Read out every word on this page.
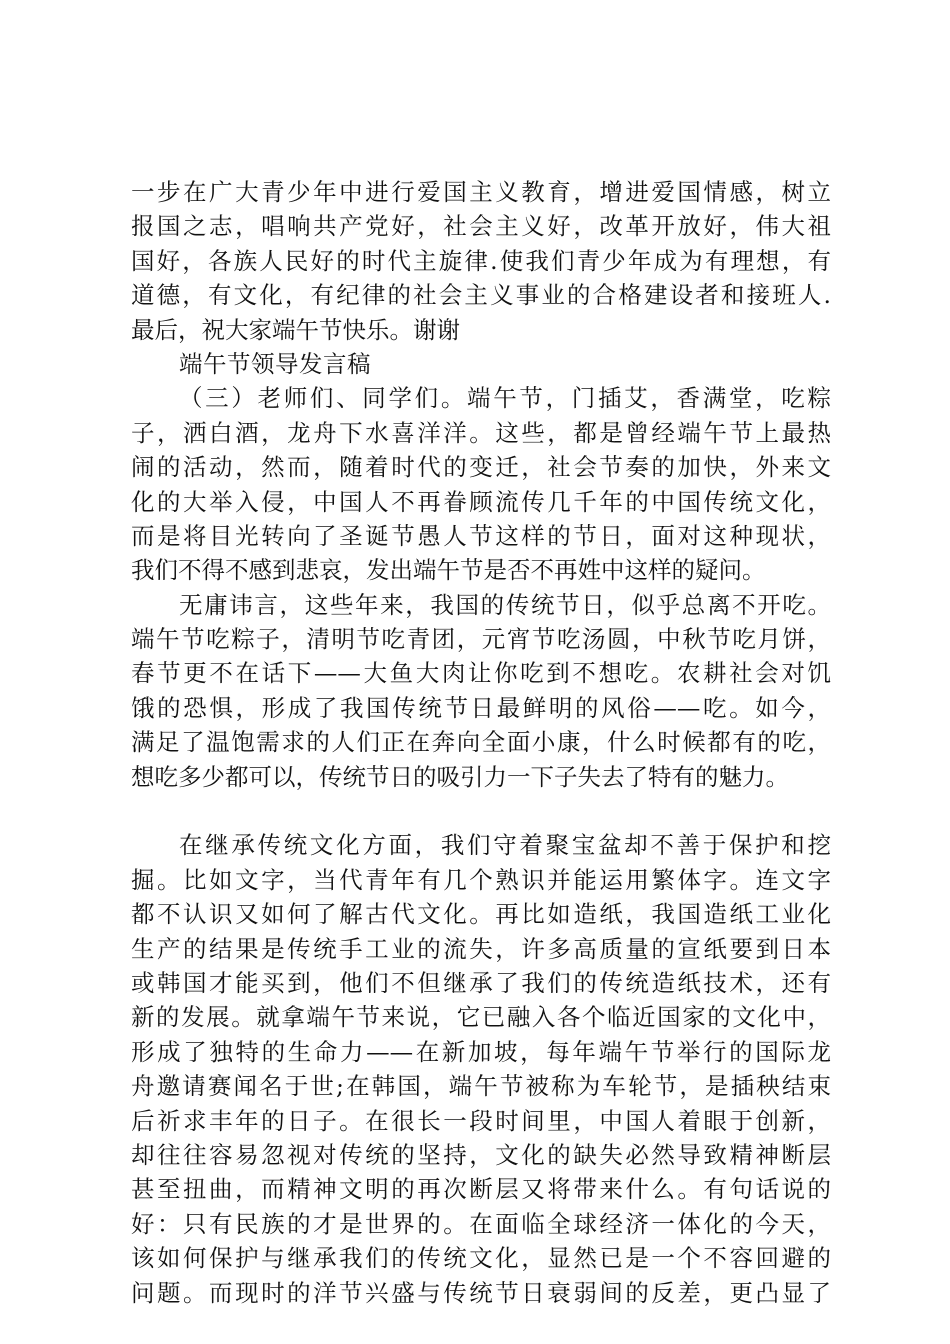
一步在广大青少年中进行爱国主义教育，增进爱国情感，树立
报国之志，唱响共产党好，社会主义好，改革开放好，伟大祖
国好，各族人民好的时代主旋律.使我们青少年成为有理想，有
道德，有文化，有纪律的社会主义事业的合格建设者和接班人.
最后，祝大家端午节快乐。谢谢
端午节领导发言稿
（三）老师们、同学们。端午节，门插艾，香满堂，吃粽
子，洒白酒，龙舟下水喜洋洋。这些，都是曾经端午节上最热
闹的活动，然而，随着时代的变迁，社会节奏的加快，外来文
化的大举入侵，中国人不再眷顾流传几千年的中国传统文化，
而是将目光转向了圣诞节愚人节这样的节日，面对这种现状，
我们不得不感到悲哀，发出端午节是否不再姓中这样的疑问。
无庸讳言，这些年来，我国的传统节日，似乎总离不开吃。
端午节吃粽子，清明节吃青团，元宵节吃汤圆，中秋节吃月饼，
春节更不在话下——大鱼大肉让你吃到不想吃。农耕社会对饥
饿的恐惧，形成了我国传统节日最鲜明的风俗——吃。如今，
满足了温饱需求的人们正在奔向全面小康，什么时候都有的吃，
想吃多少都可以，传统节日的吸引力一下子失去了特有的魅力。
在继承传统文化方面，我们守着聚宝盆却不善于保护和挖
掘。比如文字，当代青年有几个熟识并能运用繁体字。连文字
都不认识又如何了解古代文化。再比如造纸，我国造纸工业化
生产的结果是传统手工业的流失，许多高质量的宣纸要到日本
或韩国才能买到，他们不但继承了我们的传统造纸技术，还有
新的发展。就拿端午节来说，它已融入各个临近国家的文化中，
形成了独特的生命力——在新加坡，每年端午节举行的国际龙
舟邀请赛闻名于世;在韩国，端午节被称为车轮节，是插秧结束
后祈求丰年的日子。在很长一段时间里，中国人着眼于创新，
却往往容易忽视对传统的坚持，文化的缺失必然导致精神断层
甚至扭曲，而精神文明的再次断层又将带来什么。有句话说的
好：只有民族的才是世界的。在面临全球经济一体化的今天，
该如何保护与继承我们的传统文化，显然已是一个不容回避的
问题。而现时的洋节兴盛与传统节日衰弱间的反差，更凸显了
